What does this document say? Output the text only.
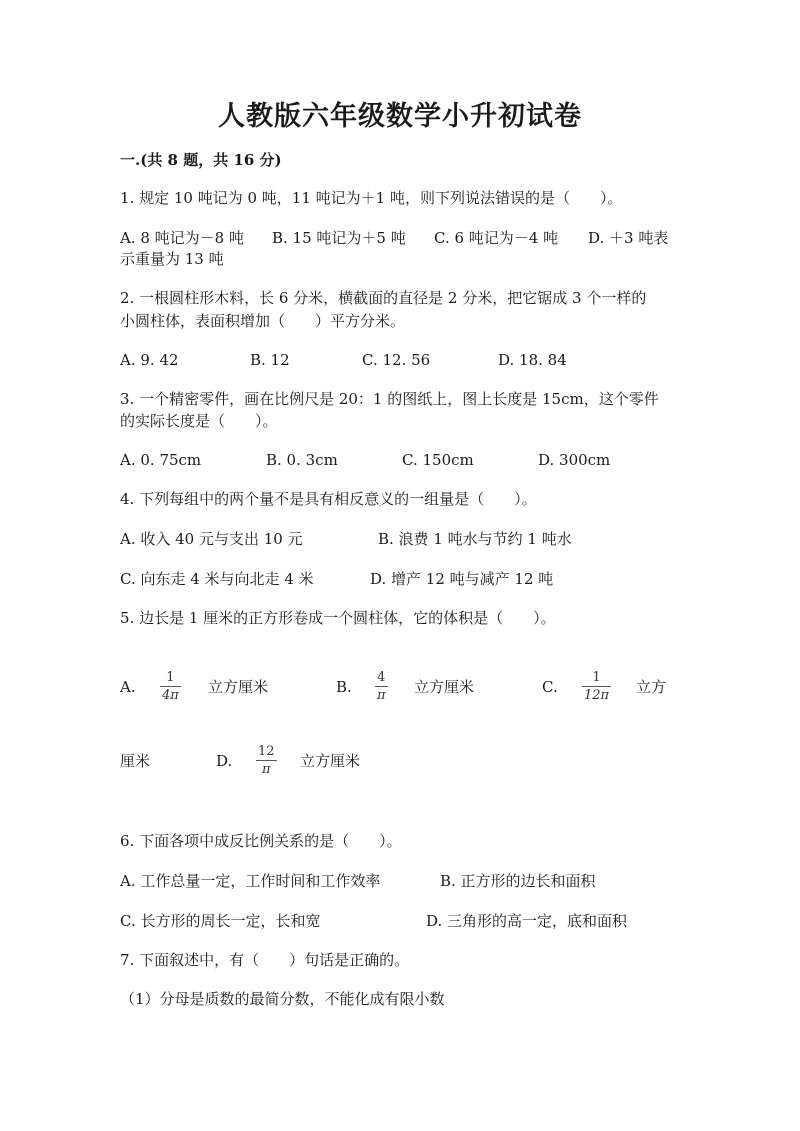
人教版六年级数学小升初试卷
一.(共 8 题，共 16 分)
1. 规定 10 吨记为 0 吨，11 吨记为＋1 吨，则下列说法错误的是（　　）。
A. 8 吨记为－8 吨 B. 15 吨记为＋5 吨 C. 6 吨记为－4 吨 D. ＋3 吨表
示重量为 13 吨
2. 一根圆柱形木料，长 6 分米，横截面的直径是 2 分米，把它锯成 3 个一样的
小圆柱体，表面积增加（　　）平方分米。
A. 9. 42	B. 12	C. 12. 56	D. 18. 84
3. 一个精密零件，画在比例尺是 20：1 的图纸上，图上长度是 15cm，这个零件
的实际长度是（　　）。
A. 0. 75cm	B. 0. 3cm	C. 150cm	D. 300cm
4. 下列每组中的两个量不是具有相反意义的一组量是（　　）。
A. 收入 40 元与支出 10 元	B. 浪费 1 吨水与节约 1 吨水
C. 向东走 4 米与向北走 4 米	D. 增产 12 吨与减产 12 吨
5. 边长是 1 厘米的正方形卷成一个圆柱体，它的体积是（　　）。
A.
1
4π 立方厘米	B.
4
π 立方厘米	C.
1
12π 立方
厘米	D.
12
π 立方厘米
6. 下面各项中成反比例关系的是（　　）。
A. 工作总量一定，工作时间和工作效率	B. 正方形的边长和面积
C. 长方形的周长一定，长和宽	D. 三角形的高一定，底和面积
7. 下面叙述中，有（　　）句话是正确的。
（1）分母是质数的最简分数，不能化成有限小数
